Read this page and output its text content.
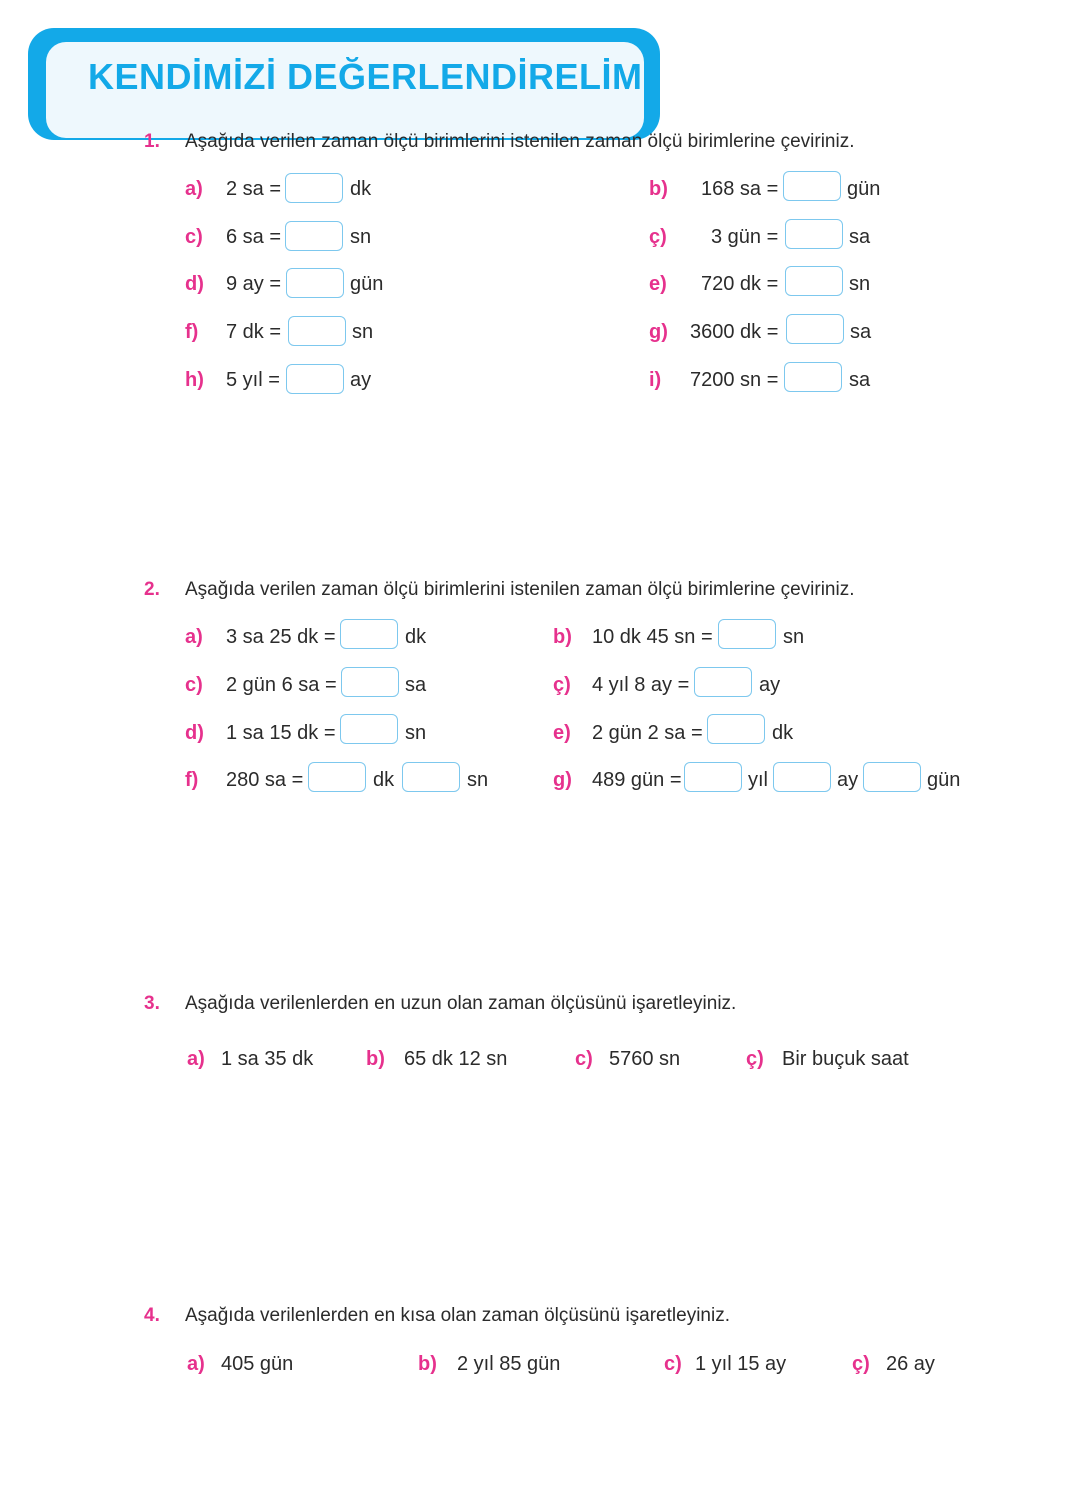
KENDİMİZİ DEĞERLENDİRELİM
1. Aşağıda verilen zaman ölçü birimlerini istenilen zaman ölçü birimlerine çeviriniz.
a) 2 sa =	dk
c) 6 sa =	sn
d) 9 ay =	gün
f) 7 dk =	sn
h) 5 yıl =	ay
b) 168 sa =	gün
ç) 3 gün =	sa
e) 720 dk =	sn
g) 3600 dk =	sa
i) 7200 sn =	sa
2. Aşağıda verilen zaman ölçü birimlerini istenilen zaman ölçü birimlerine çeviriniz.
a) 3 sa 25 dk =	dk
c) 2 gün 6 sa =	sa
d) 1 sa 15 dk =	sn
f) 280 sa =	dk	sn
b) 10 dk 45 sn =	sn
ç) 4 yıl 8 ay =	ay
e) 2 gün 2 sa =	dk
g) 489 gün =	yıl	ay	gün
3. Aşağıda verilenlerden en uzun olan zaman ölçüsünü işaretleyiniz.
a) 1 sa 35 dk	b) 65 dk 12 sn	c) 5760 sn	ç) Bir buçuk saat
4. Aşağıda verilenlerden en kısa olan zaman ölçüsünü işaretleyiniz.
a) 405 gün	b) 2 yıl 85 gün	c) 1 yıl 15 ay	ç) 26 ay
